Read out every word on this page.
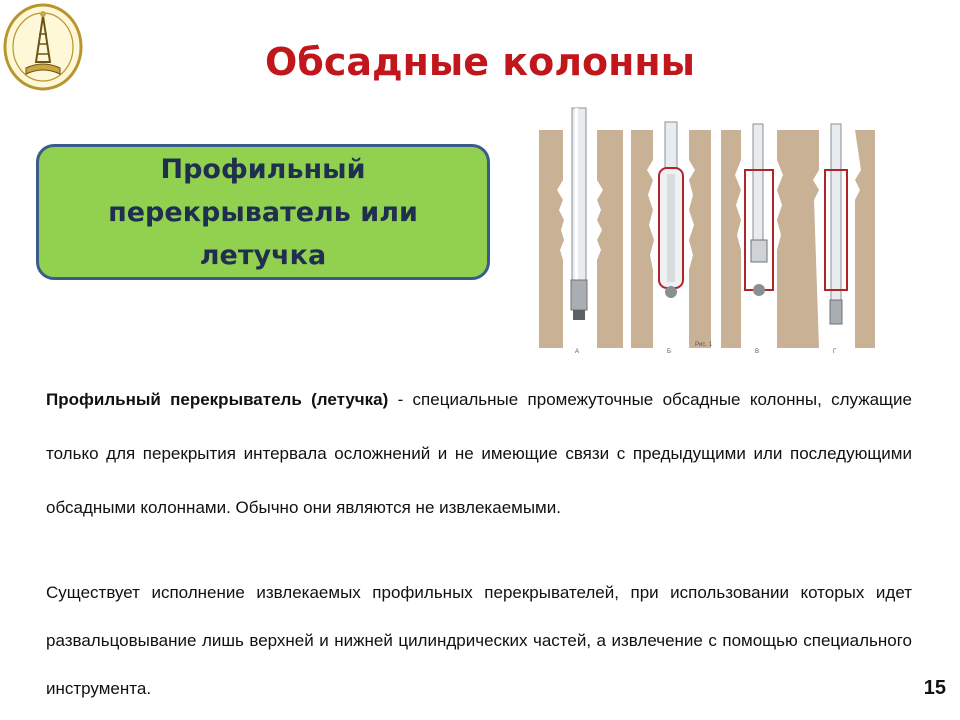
Обсадные колонны
Профильный перекрыватель или летучка
А	Б	В	Г
Рис. 1
Профильный перекрыватель (летучка) - специальные промежуточные обсадные колонны, служащие только для перекрытия интервала осложнений и не имеющие связи с предыдущими или последующими обсадными колоннами. Обычно они являются не извлекаемыми.
Существует исполнение извлекаемых профильных перекрывателей, при использовании которых идет развальцовывание лишь верхней и нижней цилиндрических частей, а извлечение с помощью специального инструмента.	15
